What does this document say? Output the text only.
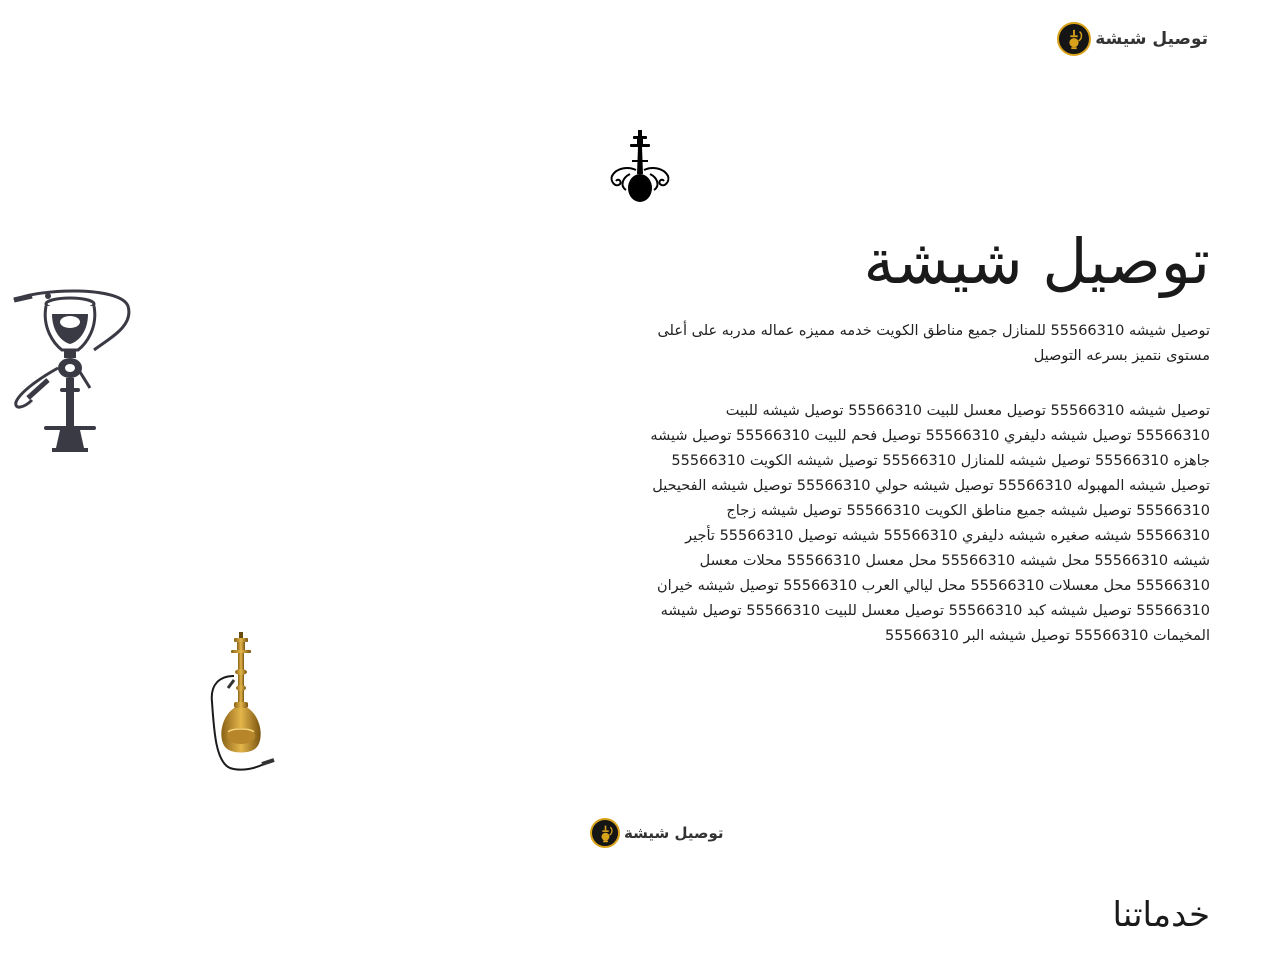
توصيل شيشة
توصيل شيشة

توصيل شيشه 55566310 للمنازل جميع مناطق الكويت خدمه مميزه عماله مدربه على أعلى مستوى نتميز بسرعه التوصيل

توصيل شيشه 55566310 توصيل معسل للبيت 55566310 توصيل شيشه للبيت 55566310 توصيل شيشه دليفري 55566310 توصيل فحم للبيت 55566310 توصيل شيشه جاهزه 55566310 توصيل شيشه للمنازل 55566310 توصيل شيشه الكويت 55566310 توصيل شيشه المهبوله 55566310 توصيل شيشه حولي 55566310 توصيل شيشه الفحيحيل 55566310 توصيل شيشه جميع مناطق الكويت 55566310 توصيل شيشه زجاج 55566310 شيشه صغيره شيشه دليفري 55566310 شيشه توصيل 55566310 تأجير شيشه 55566310 محل شيشه 55566310 محل معسل 55566310 محلات معسل 55566310 محل معسلات 55566310 محل ليالي العرب 55566310 توصيل شيشه خيران 55566310 توصيل شيشه كبد 55566310 توصيل معسل للبيت 55566310 توصيل شيشه المخيمات 55566310 توصيل شيشه البر 55566310

توصيل شيشة
خدماتنا
